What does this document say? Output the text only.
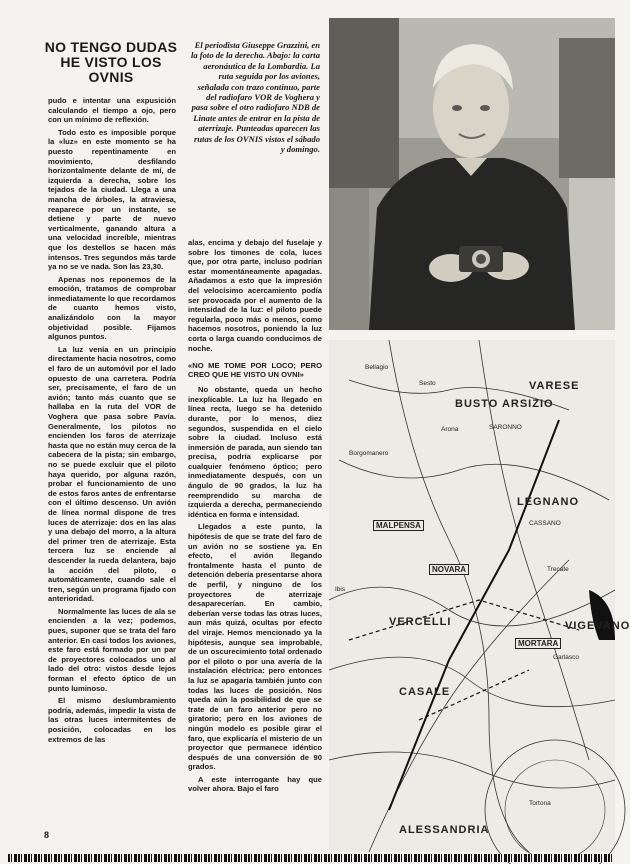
NO TENGO DUDAS HE VISTO LOS OVNIS
El periodista Giuseppe Grazzini, en la foto de la derecha. Abajo: la carta aeronáutica de la Lombardía. La ruta seguida por los aviones, señalada con trazo continuo, parte del radiofaro VOR de Voghera y pasa sobre el otro radiofaro NDB de Linate antes de entrar en la pista de aterrizaje. Punteadas aparecen las rutas de los OVNIS vistos el sábado y domingo.

pudo e intentar una expusición calculando el tiempo a ojo, pero con un mínimo de reflexión.

Todo esto es imposible porque la «luz» en este momento se ha puesto repentinamente en movimiento, desfilando horizontalmente delante de mí, de izquierda a derecha, sobre los tejados de la ciudad. Llega a una mancha de árboles, la atraviesa, reaparece por un instante, se detiene y parte de nuevo verticalmente, ganando altura a una velocidad increíble, mientras que los destellos se hacen más intensos. Tres segundos más tarde ya no se ve nada. Son las 23,30.

Apenas nos reponemos de la emoción, tratamos de comprobar inmediatamente lo que recordamos de cuanto hemos visto, analizándolo con la mayor objetividad posible. Fijamos algunos puntos.

La luz venía en un principio directamente hacia nosotros, como el faro de un automóvil por el lado opuesto de una carretera. Podría ser, precisamente, el faro de un avión; tanto más cuanto que se hallaba en la ruta del VOR de Voghera que pasa sobre Pavía. Generalmente, los pilotos no encienden los faros de aterrizaje hasta que no están muy cerca de la cabecera de la pista; sin embargo, no se puede excluir que el piloto haya querido, por alguna razón, probar el funcionamiento de uno de estos faros antes de enfrentarse con el último descenso. Un avión de línea normal dispone de tres luces de aterrizaje: dos en las alas y una debajo del morro, a la altura del primer tren de aterrizaje. Esta tercera luz se enciende al descender la rueda delantera, bajo la acción del piloto, o automáticamente, cuando sale el tren, según un programa fijado con anterioridad.

Normalmente las luces de ala se encienden a la vez; podemos, pues, suponer que se trata del faro anterior. En casi todos los aviones, este faro está formado por un par de proyectores colocados uno al lado del otro: vistos desde lejos forman el efecto óptico de un punto luminoso.

El mismo deslumbramiento podría, además, impedir la vista de las otras luces intermitentes de posición, colocadas en los extremos de las

alas, encima y debajo del fuselaje y sobre los timones de cola, luces que, por otra parte, incluso podrían estar momentáneamente apagadas. Añadamos a esto que la impresión del velocísimo acercamiento podía ser provocada por el aumento de la intensidad de la luz: el piloto puede regularla, poco más o menos, como hacemos nosotros, poniendo la luz corta o larga cuando conducimos de noche.

«NO ME TOME POR LOCO; PERO CREO QUE HE VISTO UN OVNI»

No obstante, queda un hecho inexplicable. La luz ha llegado en línea recta, luego se ha detenido durante, por lo menos, diez segundos, suspendida en el cielo sobre la ciudad. Incluso está inmersión de parada, aun siendo tan precisa, podría explicarse por cualquier fenómeno óptico; pero inmediatamente después, con un ángulo de 90 grados, la luz ha reemprendido su marcha de izquierda a derecha, permaneciendo idéntica en forma e intensidad.

Llegados a este punto, la hipótesis de que se trate del faro de un avión no se sostiene ya. En efecto, el avión llegando frontalmente hasta el punto de detención debería presentarse ahora de perfil, y ninguno de los proyectores de aterrizaje desaparecerían. En cambio, deberían verse todas las otras luces, aun más quizá, ocultas por efecto del viraje. Hemos mencionado ya la hipótesis, aunque sea improbable, de un oscurecimiento total ordenado por el piloto o por una avería de la instalación eléctrica: pero entonces la luz se apagaría también junto con todas las luces de posición. Nos queda aún la posibilidad de que se trate de un faro anterior pero no giratorio; pero en los aviones de ningún modelo es posible girar el faro, que explicaría el misterio de un proyector que permanece idéntico después de una conversión de 90 grados.

A este interrogante hay que volver ahora. Bajo el faro

Bellagio
BUSTO ARSIZIO
SARONNO
VARESE
Borgomanero
Sesto
Arona
LEGNANO
CASSANO
NOVARA	Trecate
VERCELLI
MORTARA
VIGEVANO
CASALE
Garlasco
ALESSANDRIA
Ibis
MALPENSA
Tortona
8
